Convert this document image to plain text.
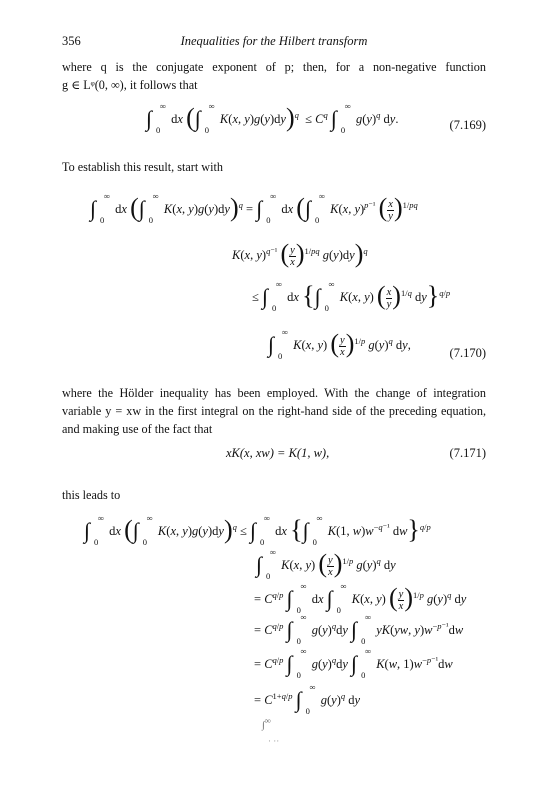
356	Inequalities for the Hilbert transform
where q is the conjugate exponent of p; then, for a non-negative function
g ∈ Lᵠ(0, ∞), it follows that
∫ ∞
0
dx (∫ ∞
0
K(x, $y)g(y)dy)^q \le C^q$ ∫ ∞
0
$g(y)^q$ dy.	(7.169)
To establish this result, start with
∫ ∞
0
dx (∫ ∞
0
K(x, y)g(y)dy)$^q$ = ∫ ∞
0
dx (∫ ∞
0
K(x, y)$^{p^{-1}}$ ( $\frac{x}{y} )^{1/pq}$
K(x, y)$^{q^{-1}}$ ( $\frac{y}{x} )^{1/pq}$ g(y)dy)$^q$
≤ ∫ ∞
0
dx {∫ ∞
0
K(x, y) ( $\frac{x}{y} )^{1/q}$ dy}$^{q/p}$
∫ ∞
0
K(x, y) ( $\frac{y}{x} )^{1/p}$ $g(y)^q$ dy,
(7.170)
where the Hölder inequality has been employed. With the change of integration
variable y = xw in the first integral on the right-hand side of the preceding equation,
and making use of the fact that
xK(x, xw) = K(1, w),	(7.171)
this leads to
∫ ∞
0
dx (∫ ∞
0
K(x, y)g(y)dy)$^q$ ≤ ∫ ∞
0
dx {∫ ∞
0
K(1, $w)w^{-q^{-1}}$ dw}$^{q/p}$
∫ ∞
0
K(x, y) ( $\frac{y}{x} )^{1/p}$ $g(y)^q$ dy
= $C^{q/p}$ ∫ ∞
0
dx ∫ ∞
0
K(x, y) ( $\frac{y}{x} )^{1/p}$ $g(y)^q$ dy
= $C^{q/p}$ ∫ ∞
0
$g(y)^qdy$ ∫ ∞
0
yK(yw, $y)w^{-p^{-1}}dw$
= $C^{q/p}$ ∫ ∞
0
$g(y)^qdy$ ∫ ∞
0
K(w, $1)w^{-p^{-1}}dw$
= $C^{1+q/p}$ ∫ ∞
0
$g(y)^q$ dy
∫∞
· ··
